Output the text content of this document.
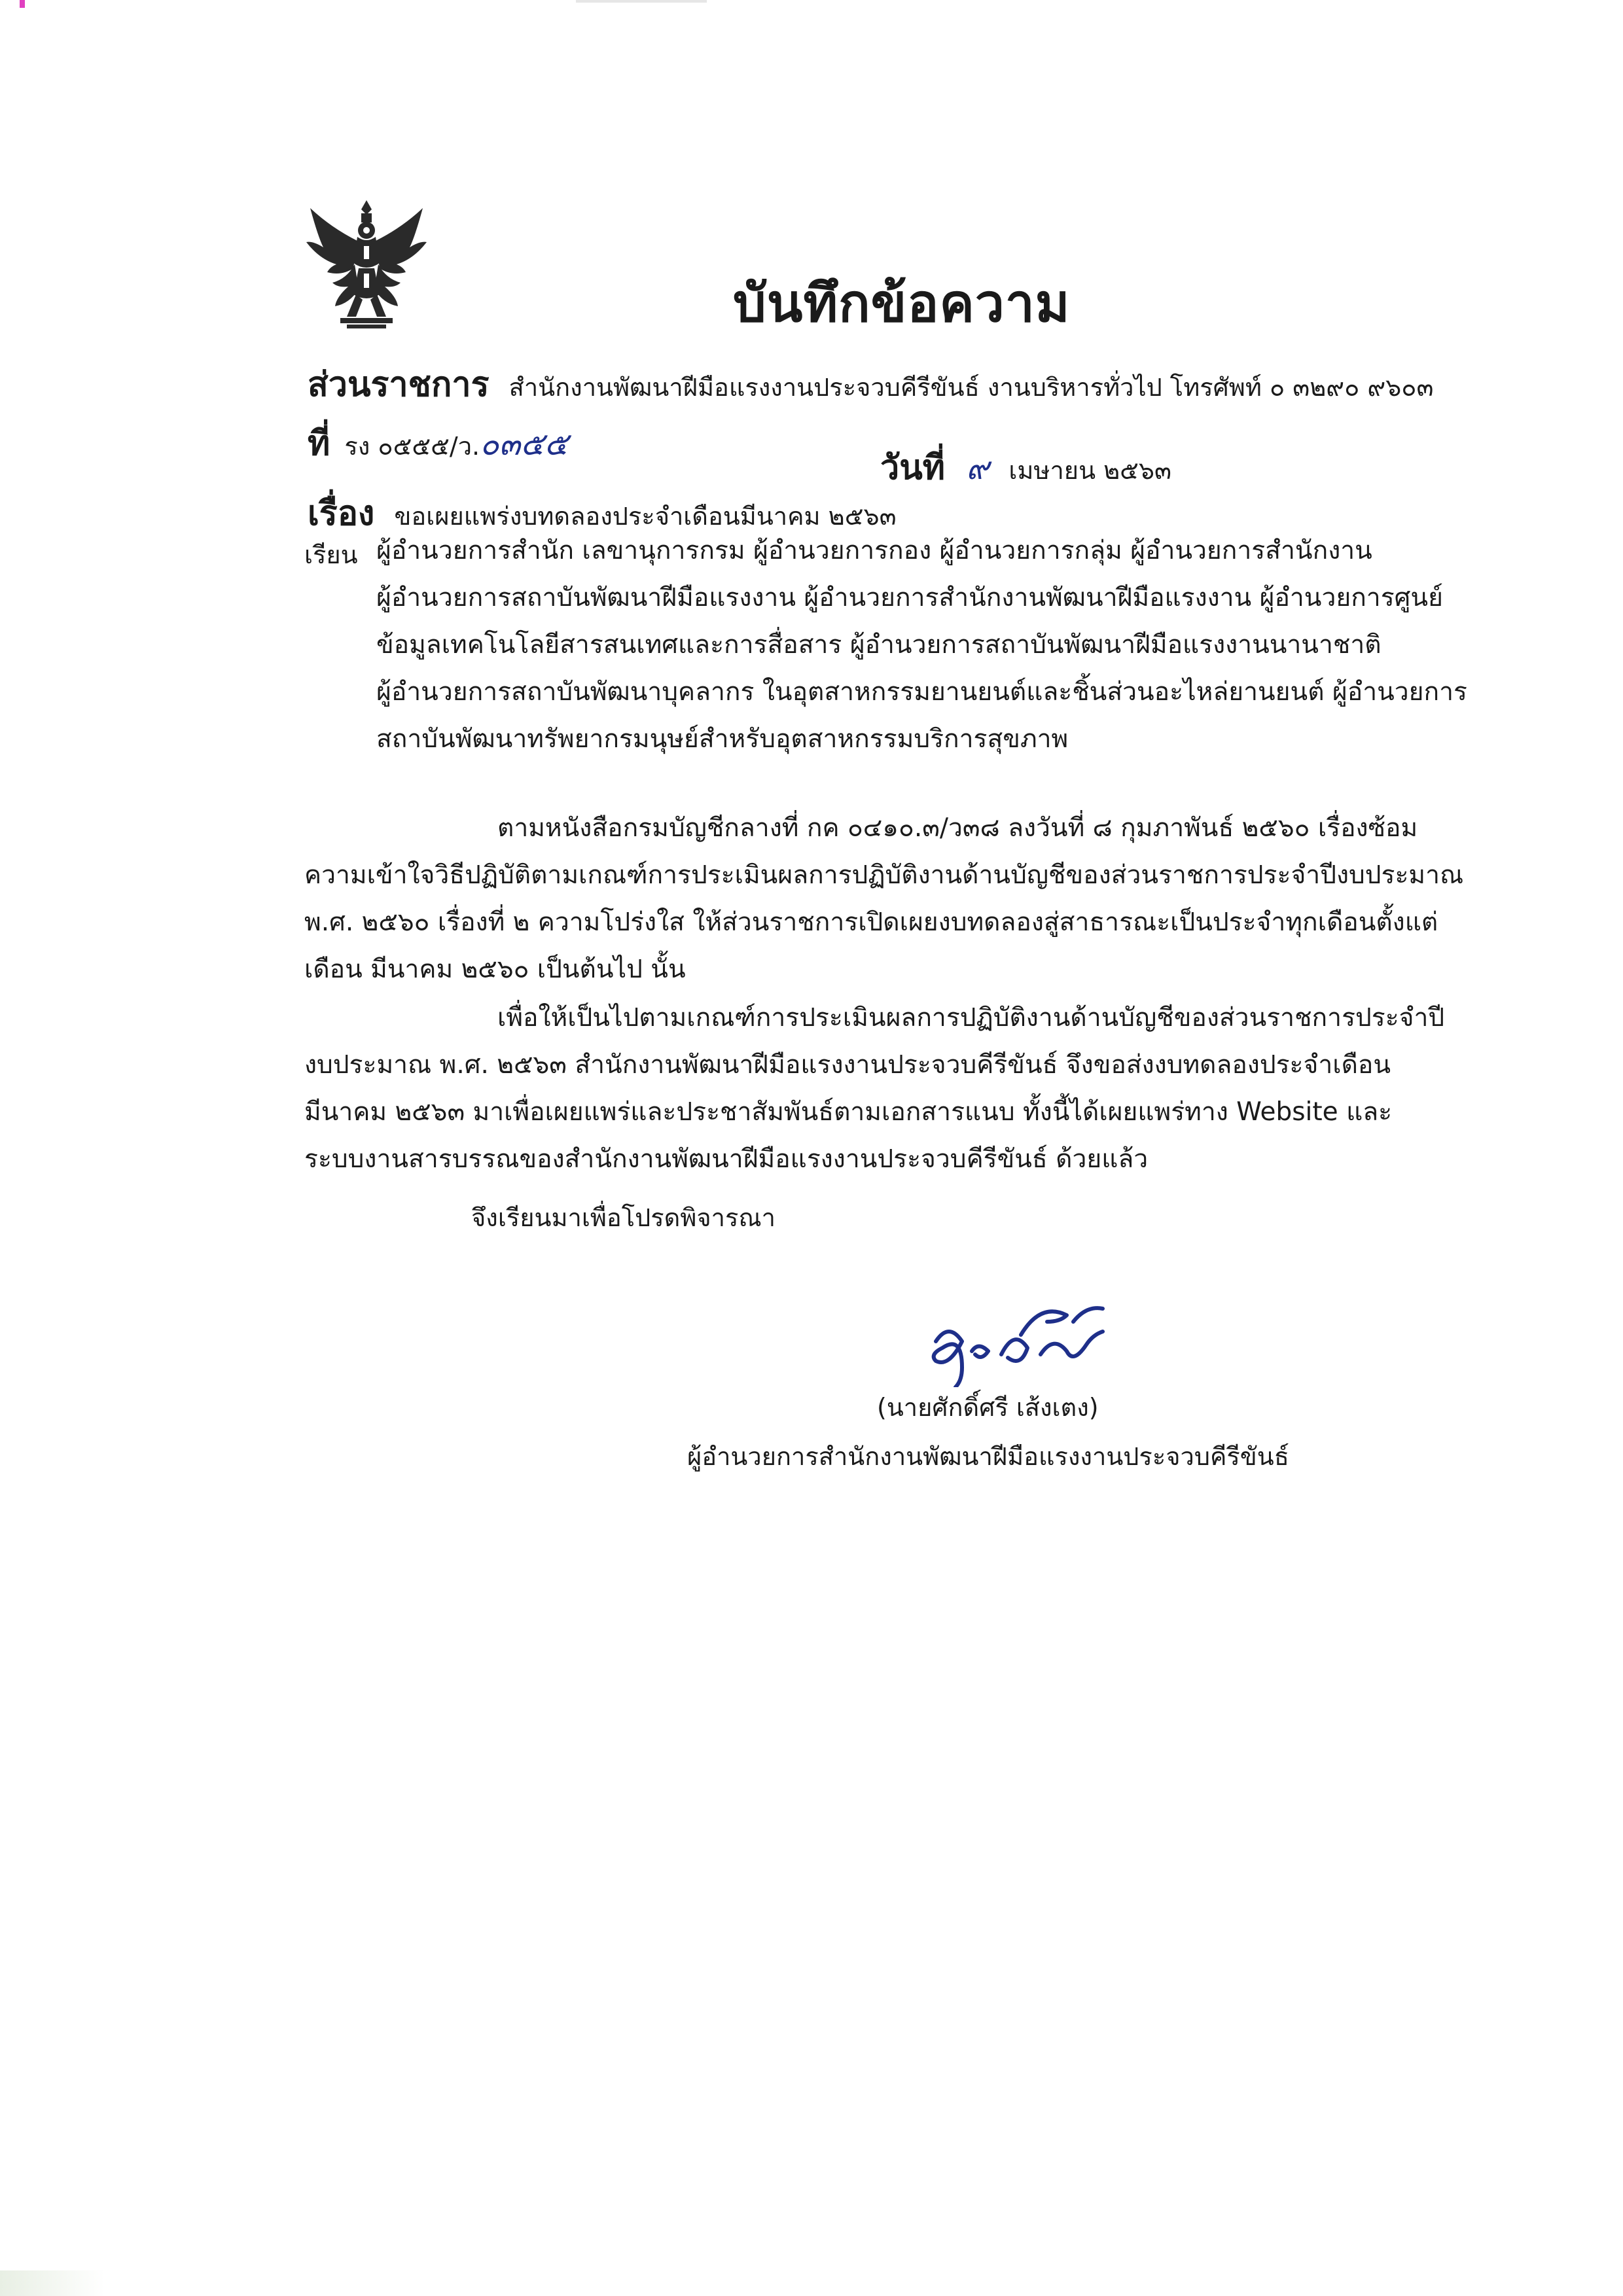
บันทึกข้อความ
ส่วนราชการ สำนักงานพัฒนาฝีมือแรงงานประจวบคีรีขันธ์ งานบริหารทั่วไป โทรศัพท์ ๐ ๓๒๙๐ ๙๖๐๓
ที่ รง ๐๕๕๕/ว.๐๓๕๕
วันที่ ๙ เมษายน ๒๕๖๓
เรื่อง ขอเผยแพร่งบทดลองประจำเดือนมีนาคม ๒๕๖๓
เรียน ผู้อำนวยการสำนัก เลขานุการกรม ผู้อำนวยการกอง ผู้อำนวยการกลุ่ม ผู้อำนวยการสำนักงาน
ผู้อำนวยการสถาบันพัฒนาฝีมือแรงงาน ผู้อำนวยการสำนักงานพัฒนาฝีมือแรงงาน ผู้อำนวยการศูนย์
ข้อมูลเทคโนโลยีสารสนเทศและการสื่อสาร ผู้อำนวยการสถาบันพัฒนาฝีมือแรงงานนานาชาติ
ผู้อำนวยการสถาบันพัฒนาบุคลากร ในอุตสาหกรรมยานยนต์และชิ้นส่วนอะไหล่ยานยนต์ ผู้อำนวยการ
สถาบันพัฒนาทรัพยากรมนุษย์สำหรับอุตสาหกรรมบริการสุขภาพ
ตามหนังสือกรมบัญชีกลางที่ กค ๐๔๑๐.๓/ว๓๘ ลงวันที่ ๘ กุมภาพันธ์ ๒๕๖๐ เรื่องซ้อม
ความเข้าใจวิธีปฏิบัติตามเกณฑ์การประเมินผลการปฏิบัติงานด้านบัญชีของส่วนราชการประจำปีงบประมาณ
พ.ศ. ๒๕๖๐ เรื่องที่ ๒ ความโปร่งใส ให้ส่วนราชการเปิดเผยงบทดลองสู่สาธารณะเป็นประจำทุกเดือนตั้งแต่
เดือน มีนาคม ๒๕๖๐ เป็นต้นไป นั้น
เพื่อให้เป็นไปตามเกณฑ์การประเมินผลการปฏิบัติงานด้านบัญชีของส่วนราชการประจำปี
งบประมาณ พ.ศ. ๒๕๖๓ สำนักงานพัฒนาฝีมือแรงงานประจวบคีรีขันธ์ จึงขอส่งงบทดลองประจำเดือน
มีนาคม ๒๕๖๓ มาเพื่อเผยแพร่และประชาสัมพันธ์ตามเอกสารแนบ ทั้งนี้ได้เผยแพร่ทาง Website และ
ระบบงานสารบรรณของสำนักงานพัฒนาฝีมือแรงงานประจวบคีรีขันธ์ ด้วยแล้ว
จึงเรียนมาเพื่อโปรดพิจารณา
(นายศักดิ์ศรี เส้งเตง)
ผู้อำนวยการสำนักงานพัฒนาฝีมือแรงงานประจวบคีรีขันธ์
